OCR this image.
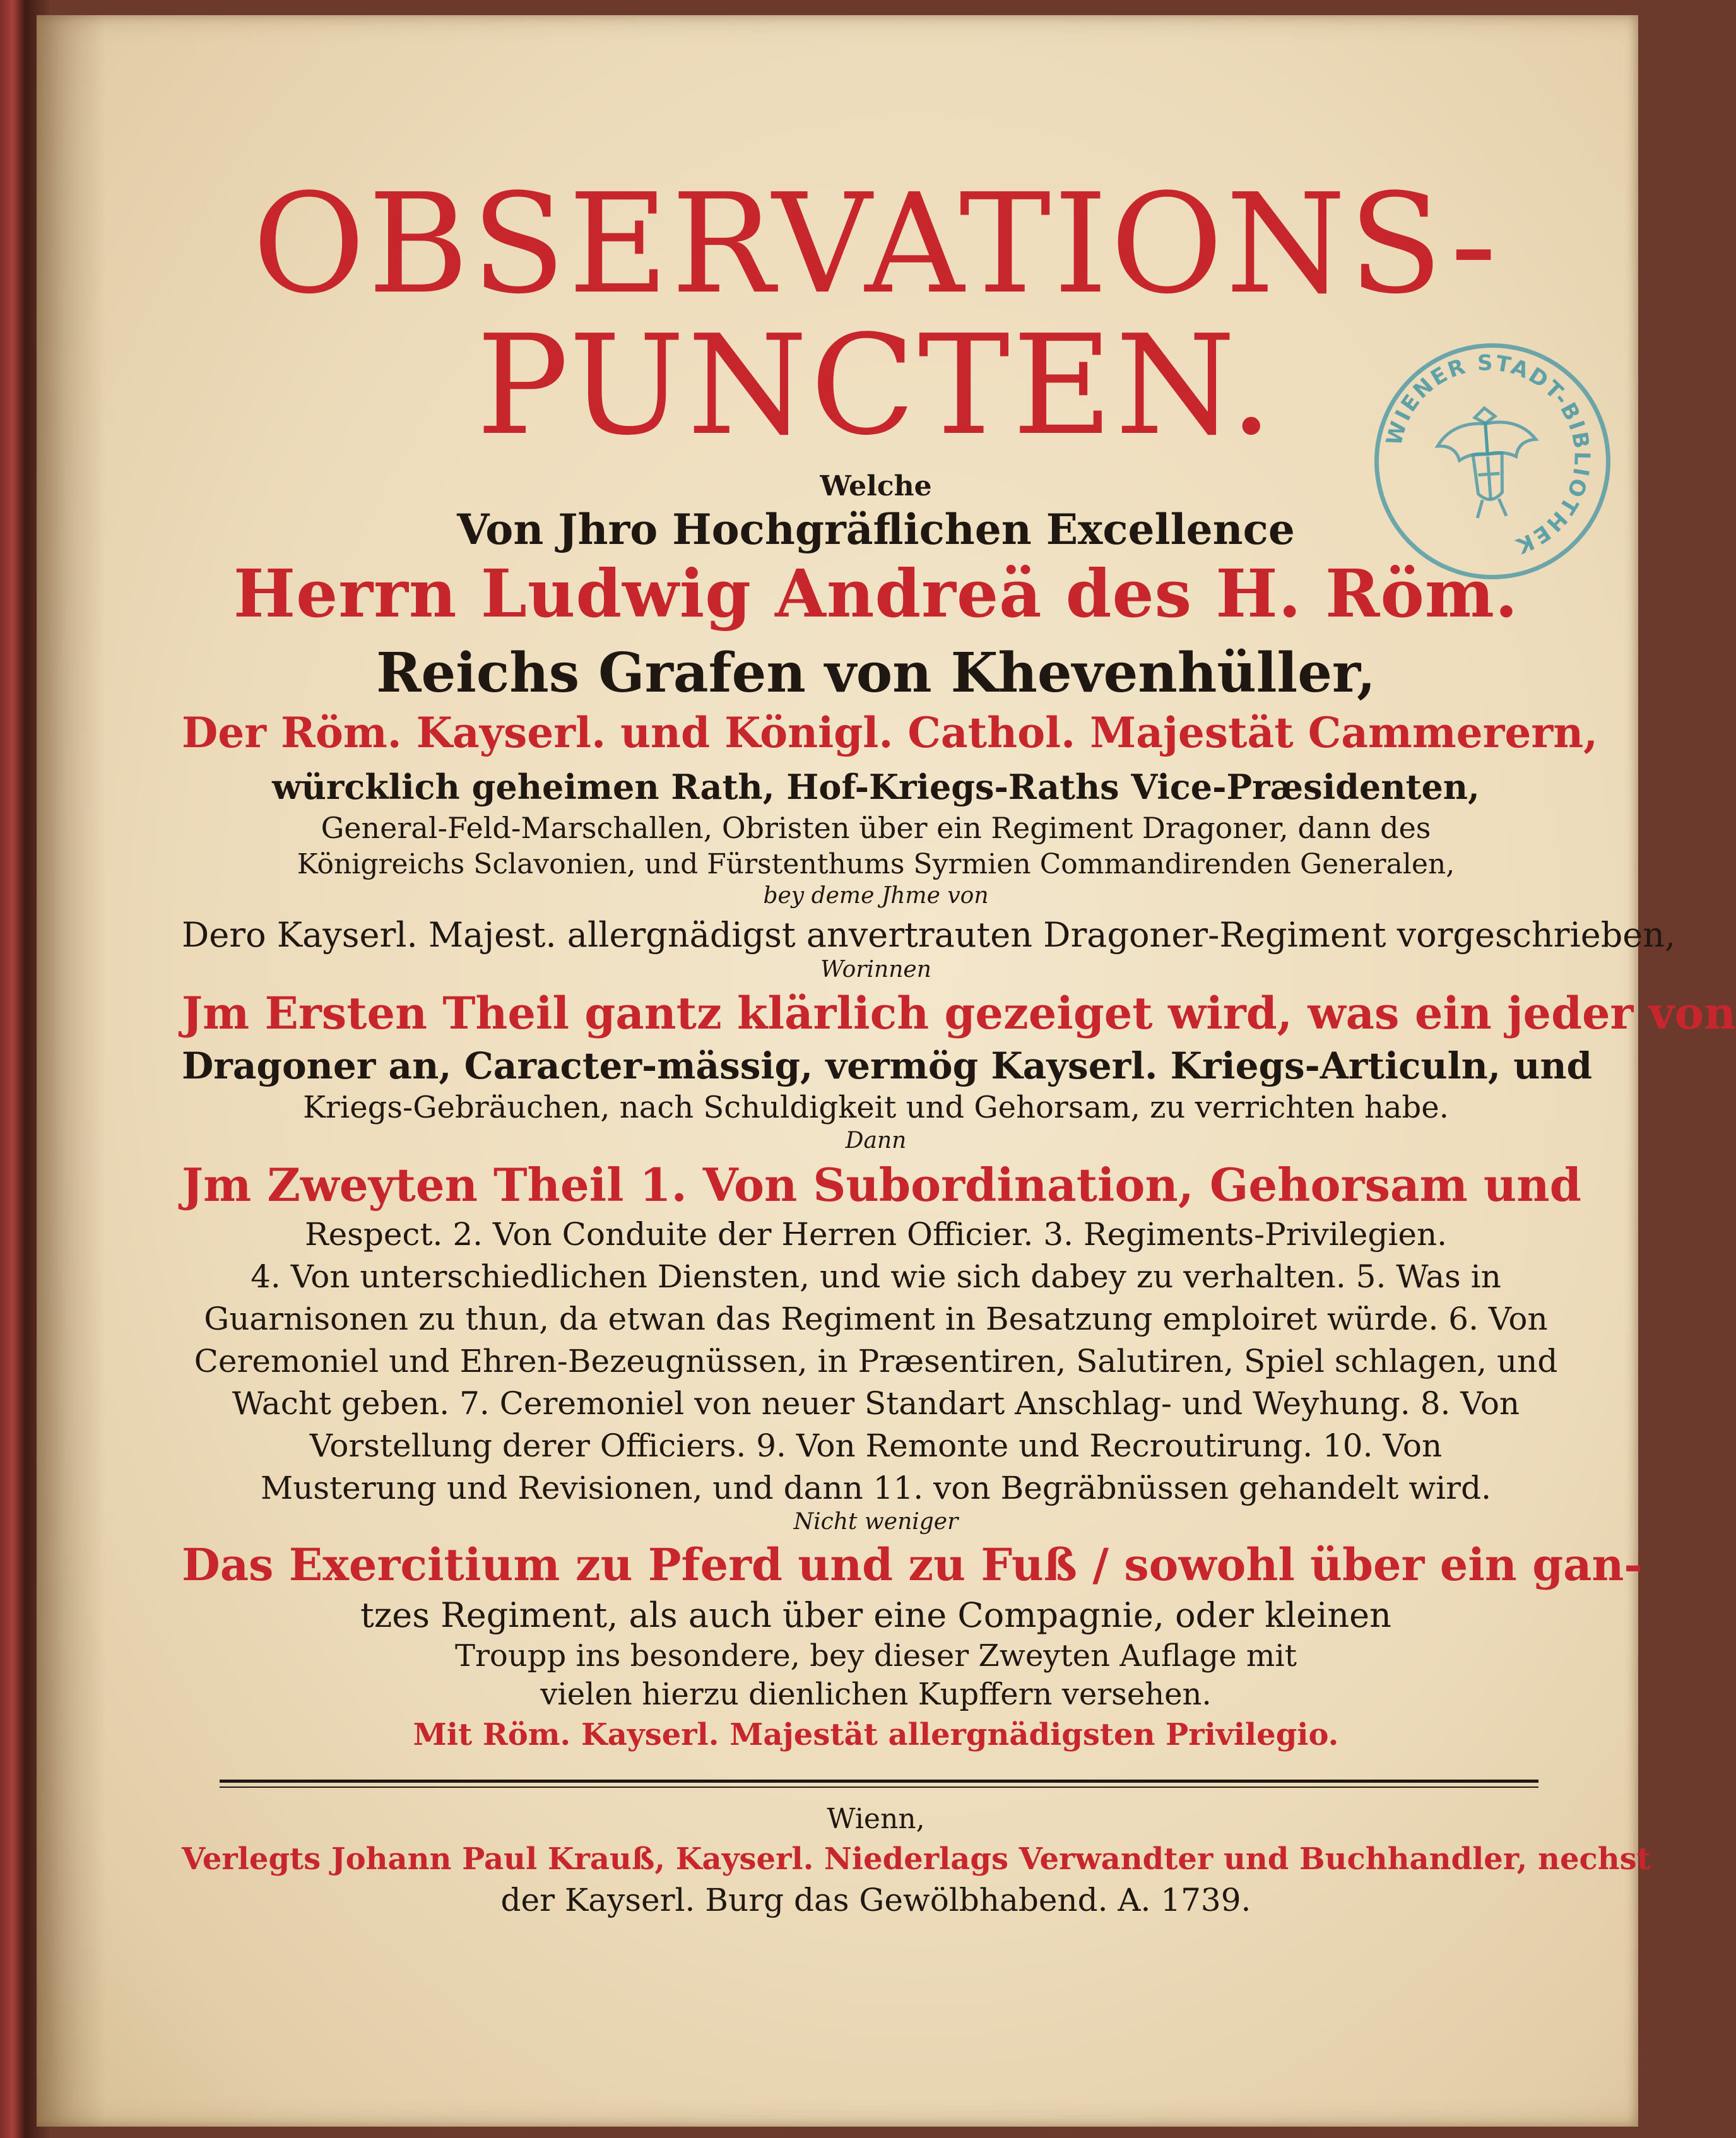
WIENER STADT-BIBLIOTHEK

OBSERVATIONS-

PUNCTEN.

Welche

Von Jhro Hochgräflichen Excellence

Herrn Ludwig Andreä des H. Röm.

Reichs Grafen von Khevenhüller,

Der Röm. Kayserl. und Königl. Cathol. Majestät Cammerern,

würcklich geheimen Rath, Hof-Kriegs-Raths Vice-Præsidenten,

General-Feld-Marschallen, Obristen über ein Regiment Dragoner, dann des

Königreichs Sclavonien, und Fürstenthums Syrmien Commandirenden Generalen,

bey deme Jhme von

Dero Kayserl. Majest. allergnädigst anvertrauten Dragoner-Regiment vorgeschrieben,

Worinnen

Jm Ersten Theil gantz klärlich gezeiget wird, was ein jeder von

Dragoner an, Caracter-mässig, vermög Kayserl. Kriegs-Articuln, und

Kriegs-Gebräuchen, nach Schuldigkeit und Gehorsam, zu verrichten habe.

Dann

Jm Zweyten Theil 1. Von Subordination, Gehorsam und

Respect. 2. Von Conduite der Herren Officier. 3. Regiments-Privilegien.

4. Von unterschiedlichen Diensten, und wie sich dabey zu verhalten. 5. Was in

Guarnisonen zu thun, da etwan das Regiment in Besatzung emploiret würde. 6. Von

Ceremoniel und Ehren-Bezeugnüssen, in Præsentiren, Salutiren, Spiel schlagen, und

Wacht geben. 7. Ceremoniel von neuer Standart Anschlag- und Weyhung. 8. Von

Vorstellung derer Officiers. 9. Von Remonte und Recroutirung. 10. Von

Musterung und Revisionen, und dann 11. von Begräbnüssen gehandelt wird.

Nicht weniger

Das Exercitium zu Pferd und zu Fuß / sowohl über ein gan-

tzes Regiment, als auch über eine Compagnie, oder kleinen

Troupp ins besondere, bey dieser Zweyten Auflage mit

vielen hierzu dienlichen Kupffern versehen.

Mit Röm. Kayserl. Majestät allergnädigsten Privilegio.

Wienn,

Verlegts Johann Paul Krauß, Kayserl. Niederlags Verwandter und Buchhandler, nechst

der Kayserl. Burg das Gewölbhabend. A. 1739.
